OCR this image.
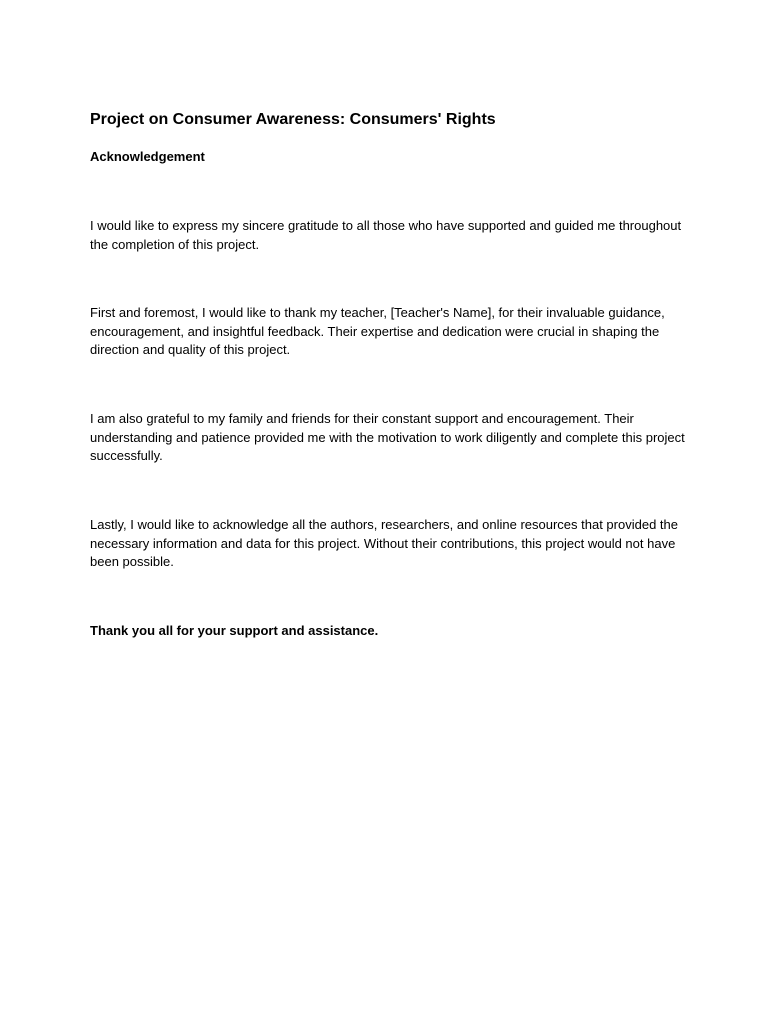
Project on Consumer Awareness: Consumers' Rights
Acknowledgement

I would like to express my sincere gratitude to all those who have supported and guided me throughout the completion of this project.

First and foremost, I would like to thank my teacher, [Teacher's Name], for their invaluable guidance, encouragement, and insightful feedback. Their expertise and dedication were crucial in shaping the direction and quality of this project.

I am also grateful to my family and friends for their constant support and encouragement. Their understanding and patience provided me with the motivation to work diligently and complete this project successfully.

Lastly, I would like to acknowledge all the authors, researchers, and online resources that provided the necessary information and data for this project. Without their contributions, this project would not have been possible.

Thank you all for your support and assistance.
